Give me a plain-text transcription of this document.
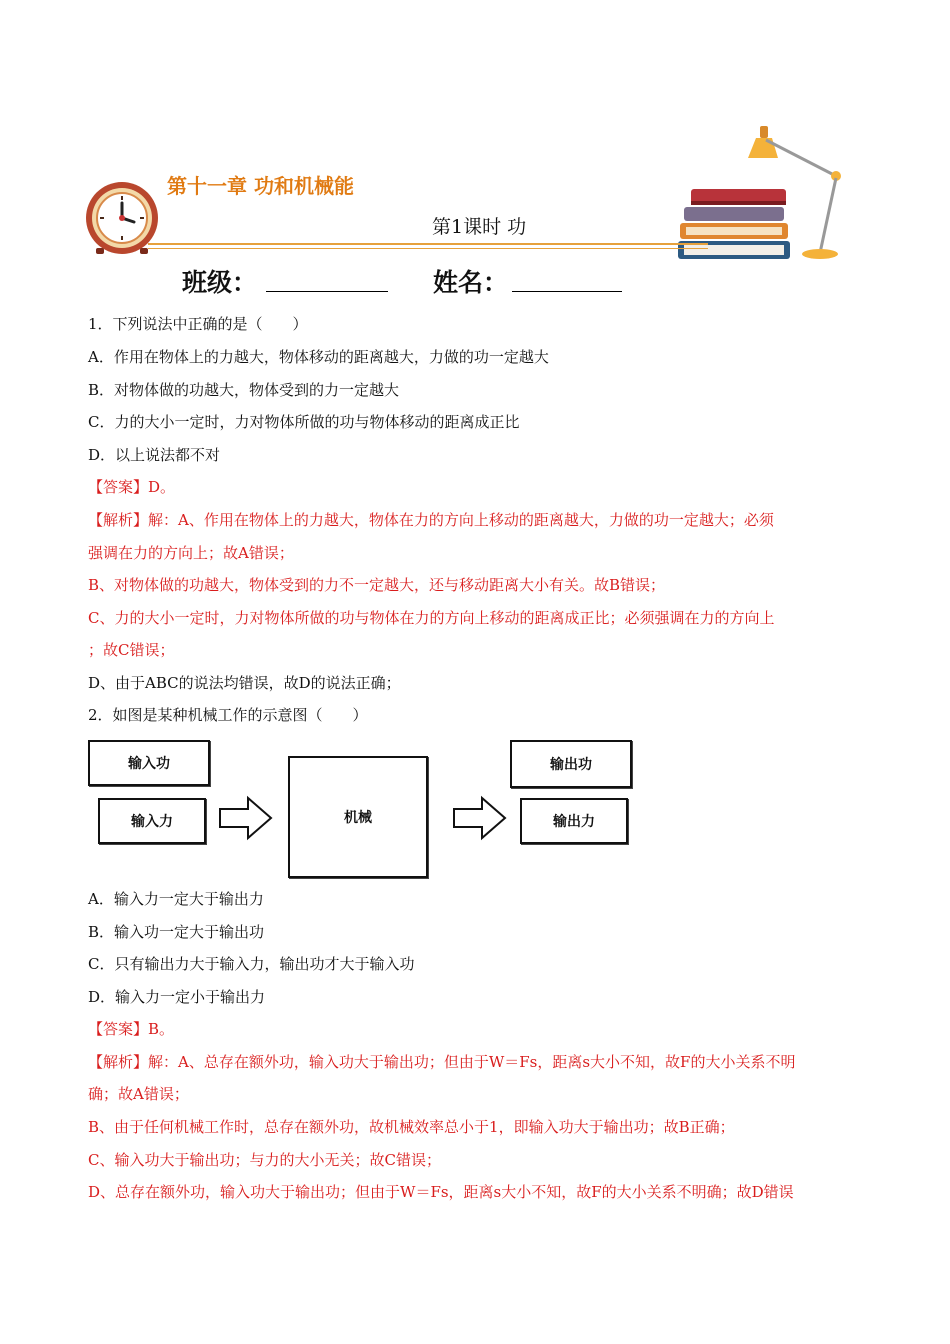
第十一章 功和机械能
第1课时 功
班级：	姓名：
1．下列说法中正确的是（　　）
A．作用在物体上的力越大，物体移动的距离越大，力做的功一定越大
B．对物体做的功越大，物体受到的力一定越大
C．力的大小一定时，力对物体所做的功与物体移动的距离成正比
D．以上说法都不对
【答案】D。
【解析】解：A、作用在物体上的力越大，物体在力的方向上移动的距离越大，力做的功一定越大；必须
强调在力的方向上；故A错误；
B、对物体做的功越大，物体受到的力不一定越大，还与移动距离大小有关。故B错误；
C、力的大小一定时，力对物体所做的功与物体在力的方向上移动的距离成正比；必须强调在力的方向上
；故C错误；
D、由于ABC的说法均错误，故D的说法正确；
2．如图是某种机械工作的示意图（　　）
输入功
输入力	机械
输出功
输出力
A．输入力一定大于输出力
B．输入功一定大于输出功
C．只有输出力大于输入力，输出功才大于输入功
D．输入力一定小于输出力
【答案】B。
【解析】解：A、总存在额外功，输入功大于输出功；但由于W＝Fs，距离s大小不知，故F的大小关系不明
确；故A错误；
B、由于任何机械工作时，总存在额外功，故机械效率总小于1，即输入功大于输出功；故B正确；
C、输入功大于输出功；与力的大小无关；故C错误；
D、总存在额外功，输入功大于输出功；但由于W＝Fs，距离s大小不知，故F的大小关系不明确；故D错误
